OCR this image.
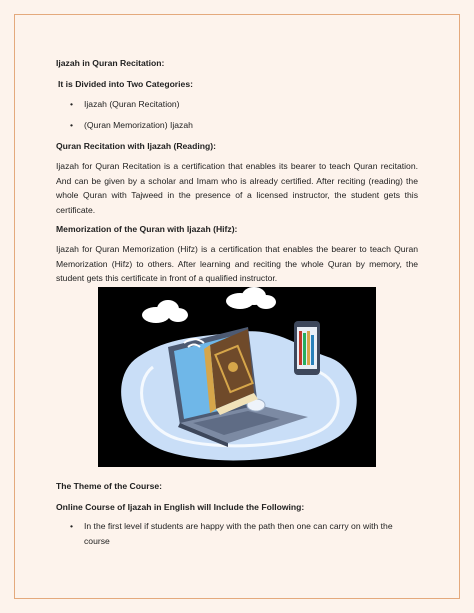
Ijazah in Quran Recitation:
It is Divided into Two Categories:
• Ijazah (Quran Recitation)
• (Quran Memorization) Ijazah
Quran Recitation with Ijazah (Reading):
Ijazah for Quran Recitation is a certification that enables its bearer to teach Quran recitation. And can be given by a scholar and Imam who is already certified. After reciting (reading) the whole Quran with Tajweed in the presence of a licensed instructor, the student gets this certificate.
Memorization of the Quran with Ijazah (Hifz):
Ijazah for Quran Memorization (Hifz) is a certification that enables the bearer to teach Quran Memorization (Hifz) to others. After learning and reciting the whole Quran by memory, the student gets this certificate in front of a qualified instructor.
The Theme of the Course:
Online Course of Ijazah in English will Include the Following:
•	In the first level if students are happy with the path then one can carry on with the course
